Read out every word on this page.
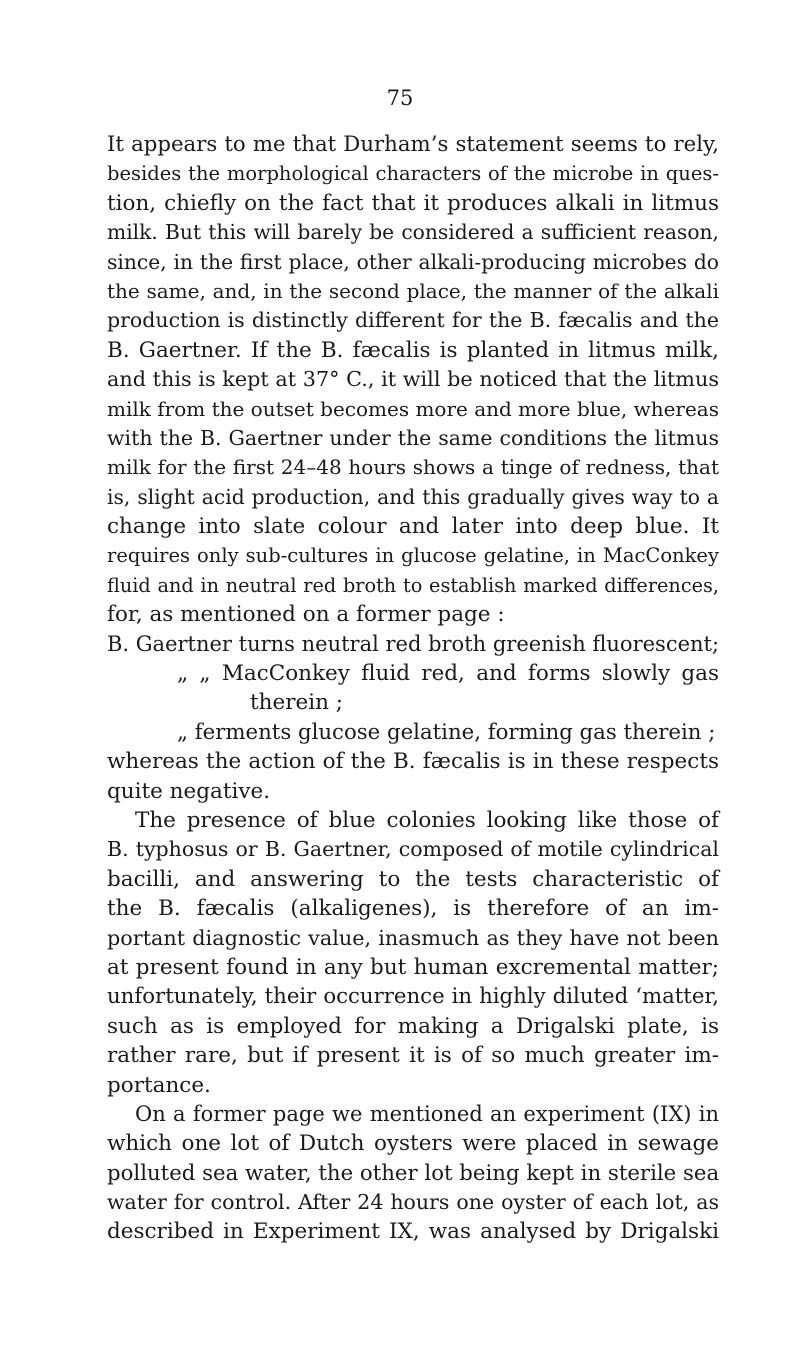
75
It appears to me that Durham’s statement seems to rely,
besides the morphological characters of the microbe in ques-
tion, chiefly on the fact that it produces alkali in litmus
milk. But this will barely be considered a sufficient reason,
since, in the first place, other alkali-producing microbes do
the same, and, in the second place, the manner of the alkali
production is distinctly different for the B. fæcalis and the
B. Gaertner. If the B. fæcalis is planted in litmus milk,
and this is kept at 37° C., it will be noticed that the litmus
milk from the outset becomes more and more blue, whereas
with the B. Gaertner under the same conditions the litmus
milk for the first 24–48 hours shows a tinge of redness, that
is, slight acid production, and this gradually gives way to a
change into slate colour and later into deep blue. It
requires only sub-cultures in glucose gelatine, in MacConkey
fluid and in neutral red broth to establish marked differences,
for, as mentioned on a former page :
B. Gaertner turns neutral red broth greenish fluorescent;
„ „ MacConkey fluid red, and forms slowly gas
therein ;
„ ferments glucose gelatine, forming gas therein ;
whereas the action of the B. fæcalis is in these respects
quite negative.
The presence of blue colonies looking like those of
B. typhosus or B. Gaertner, composed of motile cylindrical
bacilli, and answering to the tests characteristic of
the B. fæcalis (alkaligenes), is therefore of an im-
portant diagnostic value, inasmuch as they have not been
at present found in any but human excremental matter;
unfortunately, their occurrence in highly diluted ‘matter,
such as is employed for making a Drigalski plate, is
rather rare, but if present it is of so much greater im-
portance.
On a former page we mentioned an experiment (IX) in
which one lot of Dutch oysters were placed in sewage
polluted sea water, the other lot being kept in sterile sea
water for control. After 24 hours one oyster of each lot, as
described in Experiment IX, was analysed by Drigalski
